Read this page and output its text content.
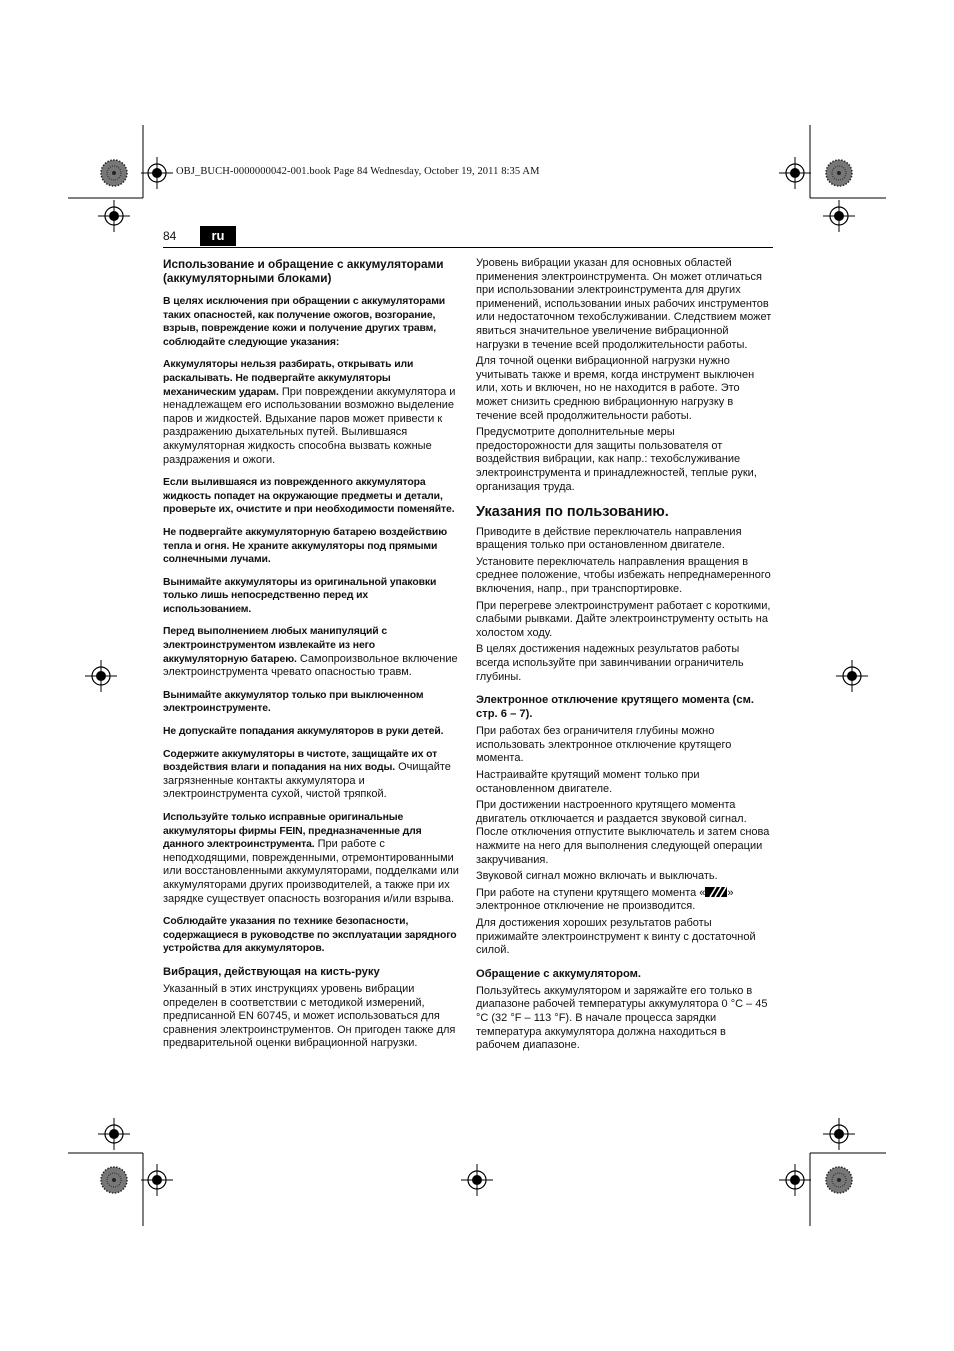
OBJ_BUCH-0000000042-001.book Page 84 Wednesday, October 19, 2011 8:35 AM
84	ru
Использование и обращение с аккумуляторами (аккумуляторными блоками)

В целях исключения при обращении с аккумуляторами таких опасностей, как получение ожогов, возгорание, взрыв, повреждение кожи и получение других травм, соблюдайте следующие указания:

Аккумуляторы нельзя разбирать, открывать или раскалывать. Не подвергайте аккумуляторы механическим ударам. При повреждении аккумулятора и ненадлежащем его использовании возможно выделение паров и жидкостей. Вдыхание паров может привести к раздражению дыхательных путей. Вылившаяся аккумуляторная жидкость способна вызвать кожные раздражения и ожоги.

Если вылившаяся из поврежденного аккумулятора жидкость попадет на окружающие предметы и детали, проверьте их, очистите и при необходимости поменяйте.

Не подвергайте аккумуляторную батарею воздействию тепла и огня. Не храните аккумуляторы под прямыми солнечными лучами.

Вынимайте аккумуляторы из оригинальной упаковки только лишь непосредственно перед их использованием.

Перед выполнением любых манипуляций с электроинструментом извлекайте из него аккумуляторную батарею. Самопроизвольное включение электроинструмента чревато опасностью травм.

Вынимайте аккумулятор только при выключенном электроинструменте.

Не допускайте попадания аккумуляторов в руки детей.

Содержите аккумуляторы в чистоте, защищайте их от воздействия влаги и попадания на них воды. Очищайте загрязненные контакты аккумулятора и электроинструмента сухой, чистой тряпкой.

Используйте только исправные оригинальные аккумуляторы фирмы FEIN, предназначенные для данного электроинструмента. При работе с неподходящими, поврежденными, отремонтированными или восстановленными аккумуляторами, подделками или аккумуляторами других производителей, а также при их зарядке существует опасность возгорания и/или взрыва.

Соблюдайте указания по технике безопасности, содержащиеся в руководстве по эксплуатации зарядного устройства для аккумуляторов.

Вибрация, действующая на кисть-руку

Указанный в этих инструкциях уровень вибрации определен в соответствии с методикой измерений, предписанной EN 60745, и может использоваться для сравнения электроинструментов. Он пригоден также для предварительной оценки вибрационной нагрузки.

Уровень вибрации указан для основных областей применения электроинструмента. Он может отличаться при использовании электроинструмента для других применений, использовании иных рабочих инструментов или недостаточном техобслуживании. Следствием может явиться значительное увеличение вибрационной нагрузки в течение всей продолжительности работы.

Для точной оценки вибрационной нагрузки нужно учитывать также и время, когда инструмент выключен или, хоть и включен, но не находится в работе. Это может снизить среднюю вибрационную нагрузку в течение всей продолжительности работы.

Предусмотрите дополнительные меры предосторожности для защиты пользователя от воздействия вибрации, как напр.: техобслуживание электроинструмента и принадлежностей, теплые руки, организация труда.

Указания по пользованию.

Приводите в действие переключатель направления вращения только при остановленном двигателе.

Установите переключатель направления вращения в среднее положение, чтобы избежать непреднамеренного включения, напр., при транспортировке.

При перегреве электроинструмент работает с короткими, слабыми рывками. Дайте электроинструменту остыть на холостом ходу.

В целях достижения надежных результатов работы всегда используйте при завинчивании ограничитель глубины.

Электронное отключение крутящего момента (см. стр. 6 – 7).

При работах без ограничителя глубины можно использовать электронное отключение крутящего момента.

Настраивайте крутящий момент только при остановленном двигателе.

При достижении настроенного крутящего момента двигатель отключается и раздается звуковой сигнал. После отключения отпустите выключатель и затем снова нажмите на него для выполнения следующей операции закручивания.

Звуковой сигнал можно включать и выключать.

При работе на ступени крутящего момента « » электронное отключение не производится.

Для достижения хороших результатов работы прижимайте электроинструмент к винту с достаточной силой.

Обращение с аккумулятором.

Пользуйтесь аккумулятором и заряжайте его только в диапазоне рабочей температуры аккумулятора 0 °C – 45 °C (32 °F – 113 °F). В начале процесса зарядки температура аккумулятора должна находиться в рабочем диапазоне.
